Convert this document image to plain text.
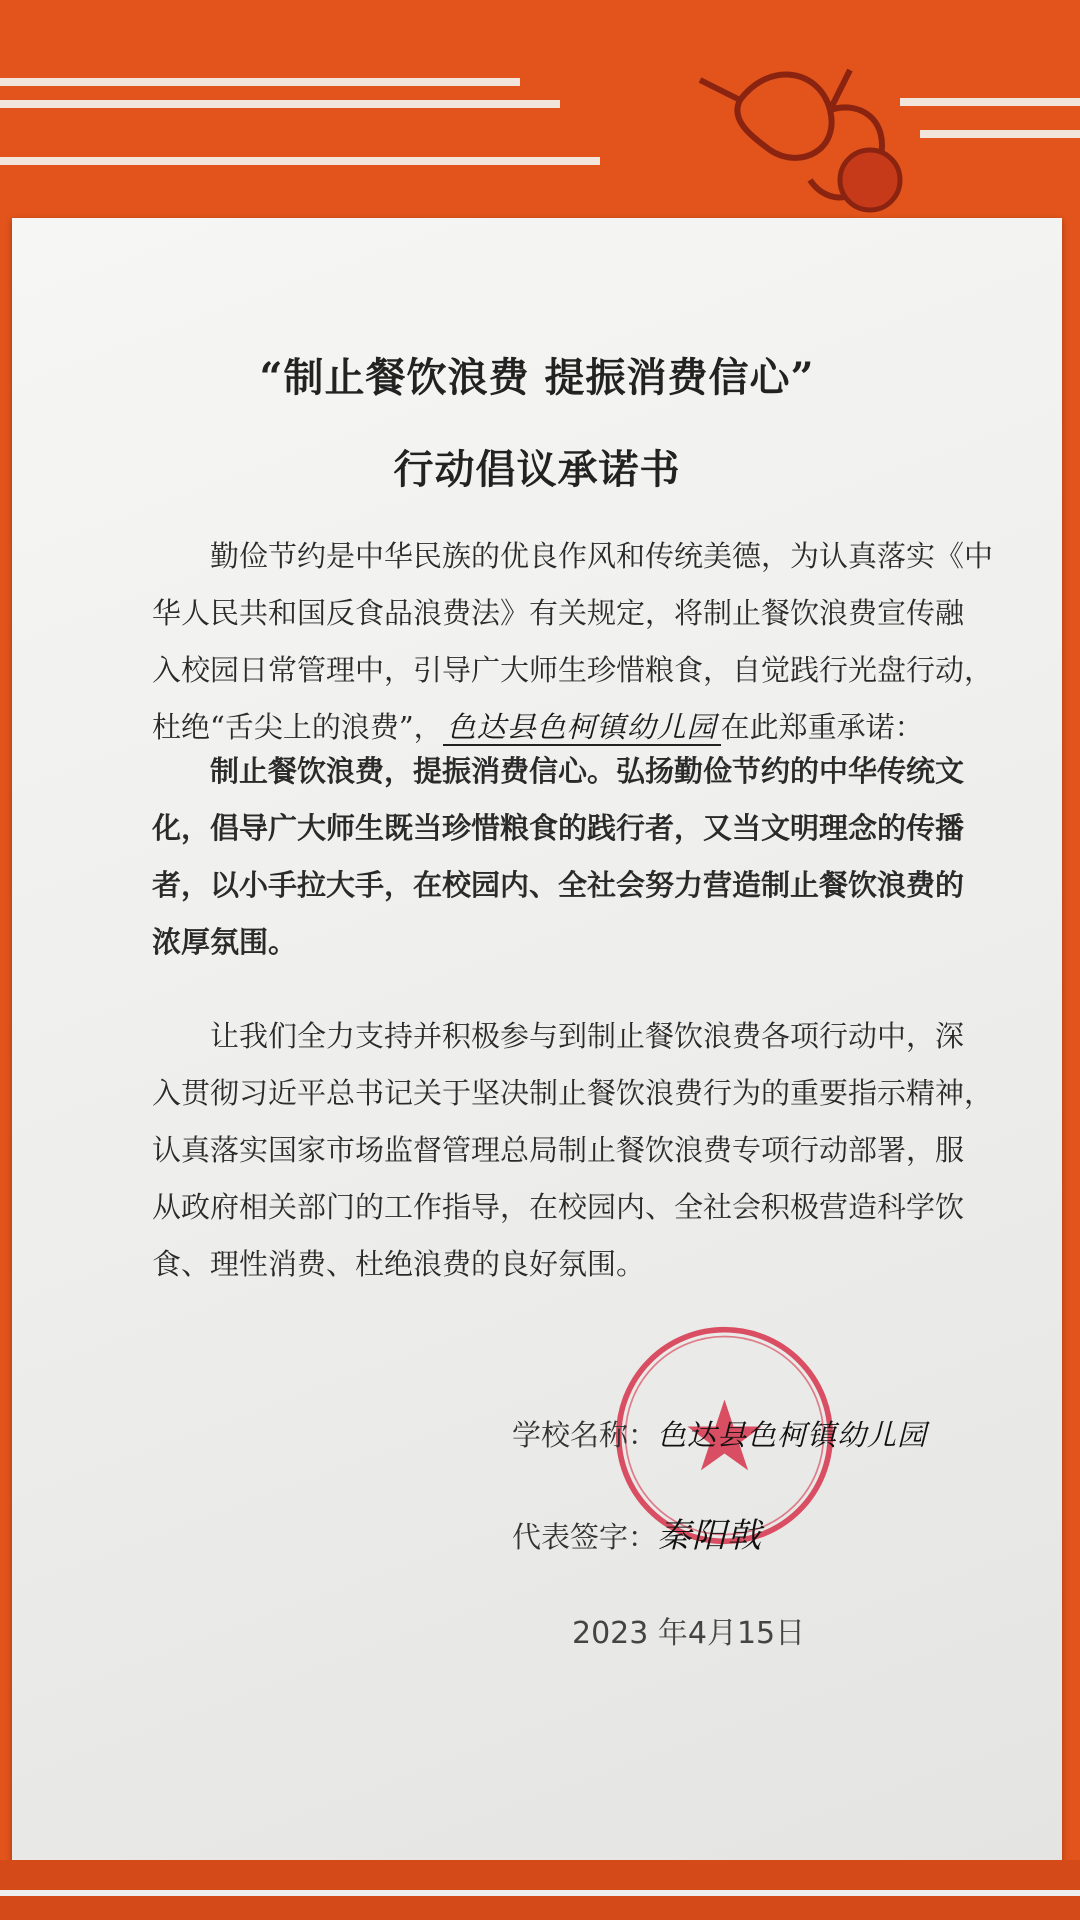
“制止餐饮浪费 提振消费信心”
行动倡议承诺书
勤俭节约是中华民族的优良作风和传统美德，为认真落实《中
华人民共和国反食品浪费法》有关规定，将制止餐饮浪费宣传融
入校园日常管理中，引导广大师生珍惜粮食，自觉践行光盘行动，
杜绝“舌尖上的浪费”， 色达县色柯镇幼儿园 在此郑重承诺：
制止餐饮浪费，提振消费信心。弘扬勤俭节约的中华传统文
化，倡导广大师生既当珍惜粮食的践行者，又当文明理念的传播
者，以小手拉大手，在校园内、全社会努力营造制止餐饮浪费的
浓厚氛围。
让我们全力支持并积极参与到制止餐饮浪费各项行动中，深
入贯彻习近平总书记关于坚决制止餐饮浪费行为的重要指示精神，
认真落实国家市场监督管理总局制止餐饮浪费专项行动部署，服
从政府相关部门的工作指导，在校园内、全社会积极营造科学饮
食、理性消费、杜绝浪费的良好氛围。
学校名称：色达县色柯镇幼儿园
代表签字：秦阳戟
2023 年4月15日
